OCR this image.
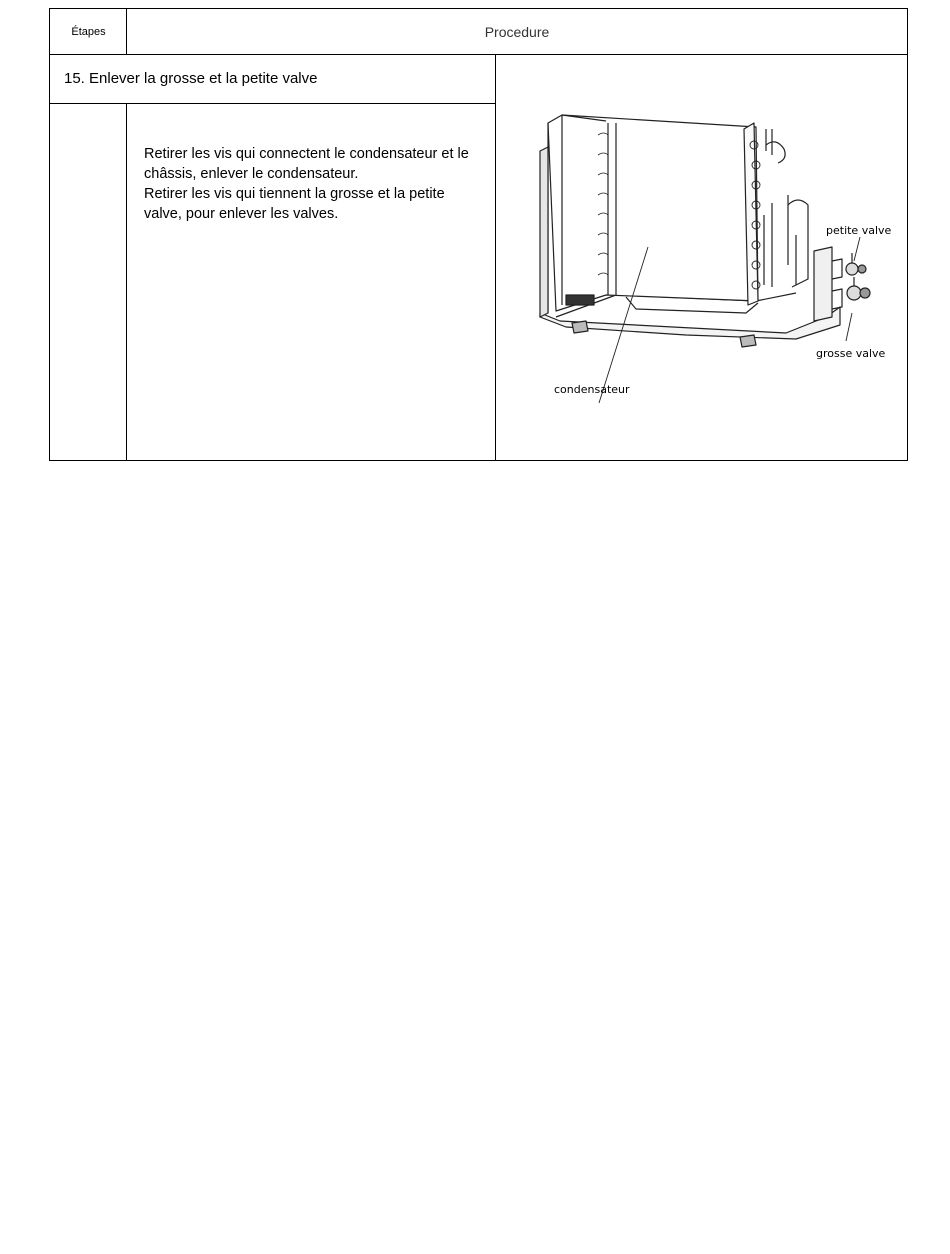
Étapes	Procedure
15. Enlever la grosse et la petite valve

Retirer les vis qui connectent le condensateur et le châssis, enlever le condensateur.

Retirer les vis qui tiennent la grosse et la petite valve, pour enlever les valves.

petite valve
grosse valve
condensateur
